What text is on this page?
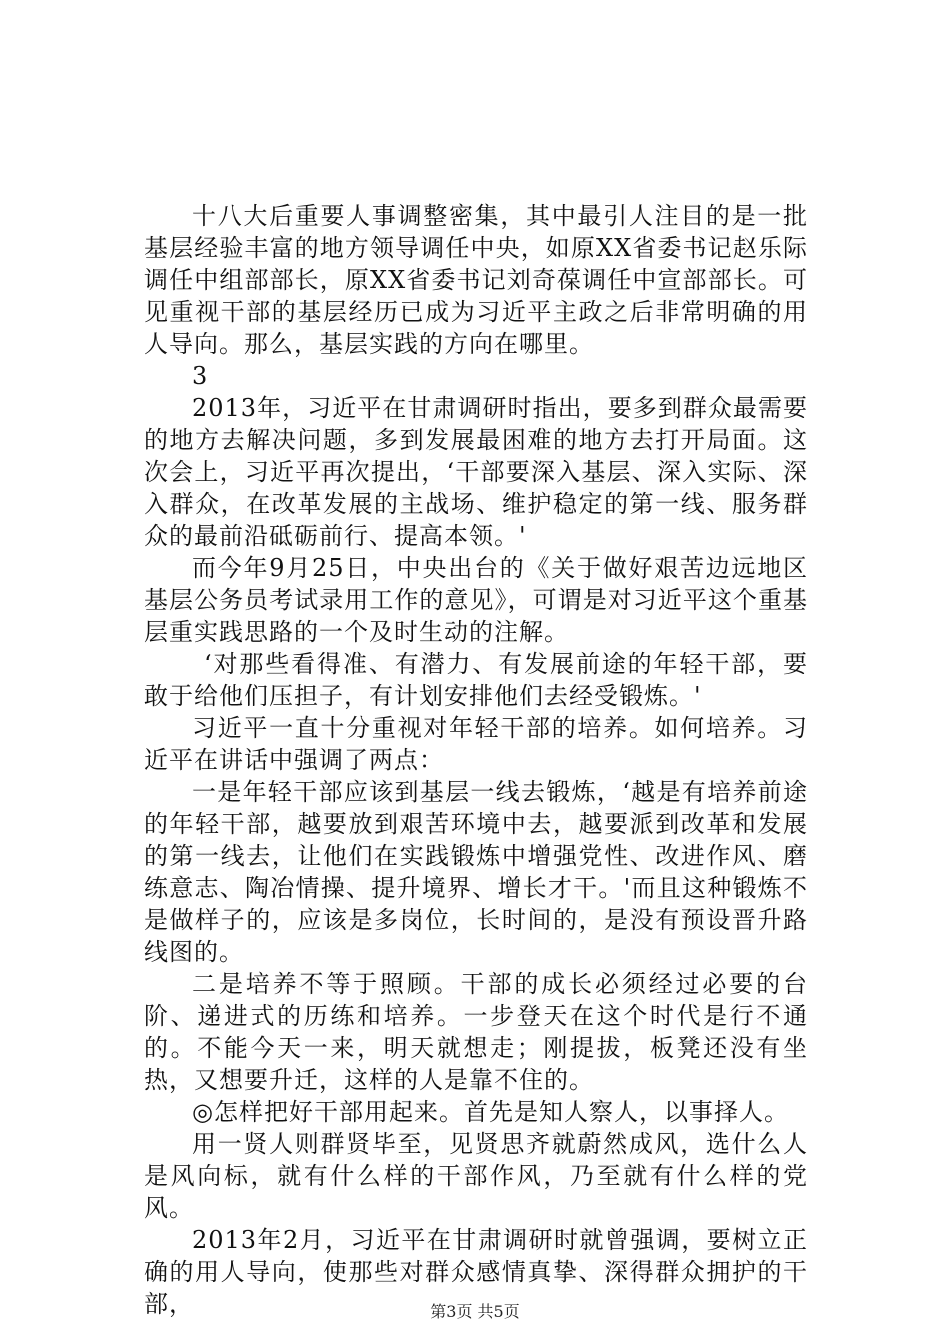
十八大后重要人事调整密集，其中最引人注目的是一批基层经验丰富的地方领导调任中央，如原XX省委书记赵乐际调任中组部部长，原XX省委书记刘奇葆调任中宣部部长。可见重视干部的基层经历已成为习近平主政之后非常明确的用人导向。那么，基层实践的方向在哪里。

3

2013年，习近平在甘肃调研时指出，要多到群众最需要的地方去解决问题，多到发展最困难的地方去打开局面。这次会上，习近平再次提出，‘干部要深入基层、深入实际、深入群众，在改革发展的主战场、维护稳定的第一线、服务群众的最前沿砥砺前行、提高本领。'

而今年9月25日，中央出台的《关于做好艰苦边远地区基层公务员考试录用工作的意见》，可谓是对习近平这个重基层重实践思路的一个及时生动的注解。

‘对那些看得准、有潜力、有发展前途的年轻干部，要敢于给他们压担子，有计划安排他们去经受锻炼。'

习近平一直十分重视对年轻干部的培养。如何培养。习近平在讲话中强调了两点：

一是年轻干部应该到基层一线去锻炼，‘越是有培养前途的年轻干部，越要放到艰苦环境中去，越要派到改革和发展的第一线去，让他们在实践锻炼中增强党性、改进作风、磨练意志、陶冶情操、提升境界、增长才干。'而且这种锻炼不是做样子的，应该是多岗位，长时间的，是没有预设晋升路线图的。

二是培养不等于照顾。干部的成长必须经过必要的台阶、递进式的历练和培养。一步登天在这个时代是行不通的。不能今天一来，明天就想走；刚提拔，板凳还没有坐热，又想要升迁，这样的人是靠不住的。

◎怎样把好干部用起来。首先是知人察人，以事择人。

用一贤人则群贤毕至，见贤思齐就蔚然成风，选什么人是风向标，就有什么样的干部作风，乃至就有什么样的党风。

2013年2月，习近平在甘肃调研时就曾强调，要树立正确的用人导向，使那些对群众感情真挚、深得群众拥护的干部，	第3页 共5页
